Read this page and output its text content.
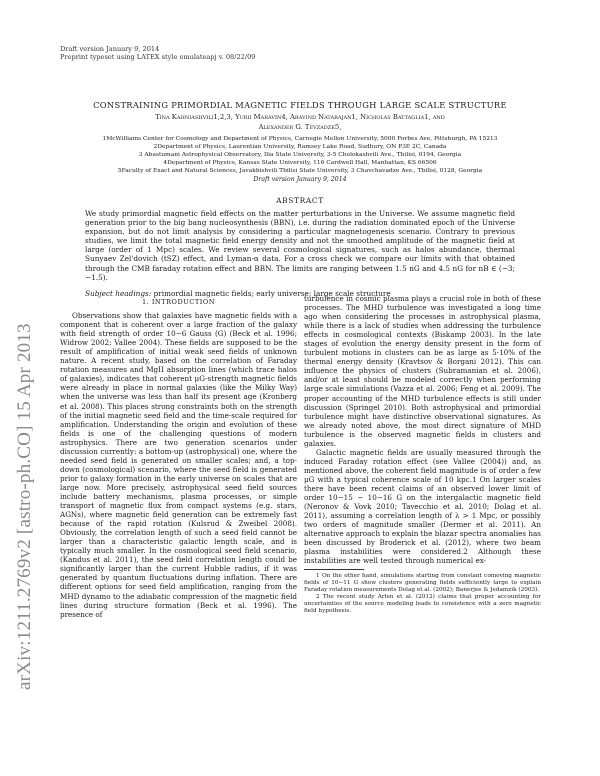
arXiv:1211.2769v2 [astro-ph.CO] 15 Apr 2013
Draft version January 9, 2014
Preprint typeset using LATEX style emulateapj v. 08/22/09
CONSTRAINING PRIMORDIAL MAGNETIC FIELDS THROUGH LARGE SCALE STRUCTURE
Tina Kahniashvili1,2,3, Yurii Maravin4, Aravind Natarajan1, Nicholas Battaglia1, and
Alexander G. Tevzadze5,
1McWilliams Center for Cosmology and Department of Physics, Carnegie Mellon University, 5000 Forbes Ave, Pittsburgh, PA 15213
2Department of Physics, Laurentian University, Ramsey Lake Road, Sudbury, ON P3E 2C, Canada
3 Abastumani Astrophysical Observatory, Ilia State University, 3-5 Cholokashvili Ave., Tbilisi, 0194, Georgia
4Department of Physics, Kansas State University, 116 Cardwell Hall, Manhattan, KS 66506
5Faculty of Exact and Natural Sciences, Javakhishvili Tbilisi State University, 3 Chavchavadze Ave., Tbilisi, 0128, Georgia
Draft version January 9, 2014
ABSTRACT
We study primordial magnetic field effects on the matter perturbations in the Universe. We assume magnetic field generation prior to the big bang nucleosynthesis (BBN), i.e. during the radiation dominated epoch of the Universe expansion, but do not limit analysis by considering a particular magnetogenesis scenario. Contrary to previous studies, we limit the total magnetic field energy density and not the smoothed amplitude of the magnetic field at large (order of 1 Mpc) scales. We review several cosmological signatures, such as halos abundance, thermal Sunyaev Zel'dovich (tSZ) effect, and Lyman-α data. For a cross check we compare our limits with that obtained through the CMB faraday rotation effect and BBN. The limits are ranging between 1.5 nG and 4.5 nG for nB ∈ (−3; −1.5).
Subject headings: primordial magnetic fields; early universe; large scale structure
1. INTRODUCTION

Observations show that galaxies have magnetic fields with a component that is coherent over a large fraction of the galaxy with field strength of order 10−6 Gauss (G) (Beck et al. 1996; Widrow 2002; Vallee 2004). These fields are supposed to be the result of amplification of initial weak seed fields of unknown nature. A recent study, based on the correlation of Faraday rotation measures and MgII absorption lines (which trace halos of galaxies), indicates that coherent μG-strength magnetic fields were already in place in normal galaxies (like the Milky Way) when the universe was less than half its present age (Kronberg et al. 2008). This places strong constraints both on the strength of the initial magnetic seed field and the time-scale required for amplification. Understanding the origin and evolution of these fields is one of the challenging questions of modern astrophysics. There are two generation scenarios under discussion currently: a bottom-up (astrophysical) one, where the needed seed field is generated on smaller scales; and, a top-down (cosmological) scenario, where the seed field is generated prior to galaxy formation in the early universe on scales that are large now. More precisely, astrophysical seed field sources include battery mechanisms, plasma processes, or simple transport of magnetic flux from compact systems (e.g. stars, AGNs), where magnetic field generation can be extremely fast because of the rapid rotation (Kulsrud & Zweibel 2008). Obviously, the correlation length of such a seed field cannot be larger than a characteristic galactic length scale, and is typically much smaller. In the cosmological seed field scenario, (Kandus et al. 2011), the seed field correlation length could be significantly larger than the current Hubble radius, if it was generated by quantum fluctuations during inflation. There are different options for seed field amplification, ranging from the MHD dynamo to the adiabatic compression of the magnetic field lines during structure formation (Beck et al. 1996). The presence of

turbulence in cosmic plasma plays a crucial role in both of these processes. The MHD turbulence was investigated a long time ago when considering the processes in astrophysical plasma, while there is a lack of studies when addressing the turbulence effects in cosmological contexts (Biskamp 2003). In the late stages of evolution the energy density present in the form of turbulent motions in clusters can be as large as 5-10% of the thermal energy density (Kravtsov & Borgani 2012). This can influence the physics of clusters (Subramanian et al. 2006), and/or at least should be modeled correctly when performing large scale simulations (Vazza et al. 2006; Feng et al. 2009). The proper accounting of the MHD turbulence effects is still under discussion (Springel 2010). Both astrophysical and primordial turbulence might have distinctive observational signatures. As we already noted above, the most direct signature of MHD turbulence is the observed magnetic fields in clusters and galaxies.

Galactic magnetic fields are usually measured through the induced Faraday rotation effect (see Vallee (2004)) and, as mentioned above, the coherent field magnitude is of order a few μG with a typical coherence scale of 10 kpc.1 On larger scales there have been recent claims of an observed lower limit of order 10−15 − 10−16 G on the intergalactic magnetic field (Neronov & Vovk 2010; Tavecchio et al. 2010; Dolag et al. 2011), assuming a correlation length of λ > 1 Mpc, or possibly two orders of magnitude smaller (Dermer et al. 2011). An alternative approach to explain the blazar spectra anomalies has been discussed by Broderick et al. (2012), where two beam plasma instabilities were considered.2 Although these instabilities are well tested through numerical ex-

1 On the other hand, simulations starting from constant comoving magnetic fields of 10−11 G show clusters generating fields sufficiently large to explain Faraday rotation measurements Dolag et al. (2002); Banerjee & Jedamzik (2003).

2 The recent study Arlen et al. (2012) claims that proper accounting for uncertainties of the source modeling leads to consistence with a zero magnetic field hypothesis.
